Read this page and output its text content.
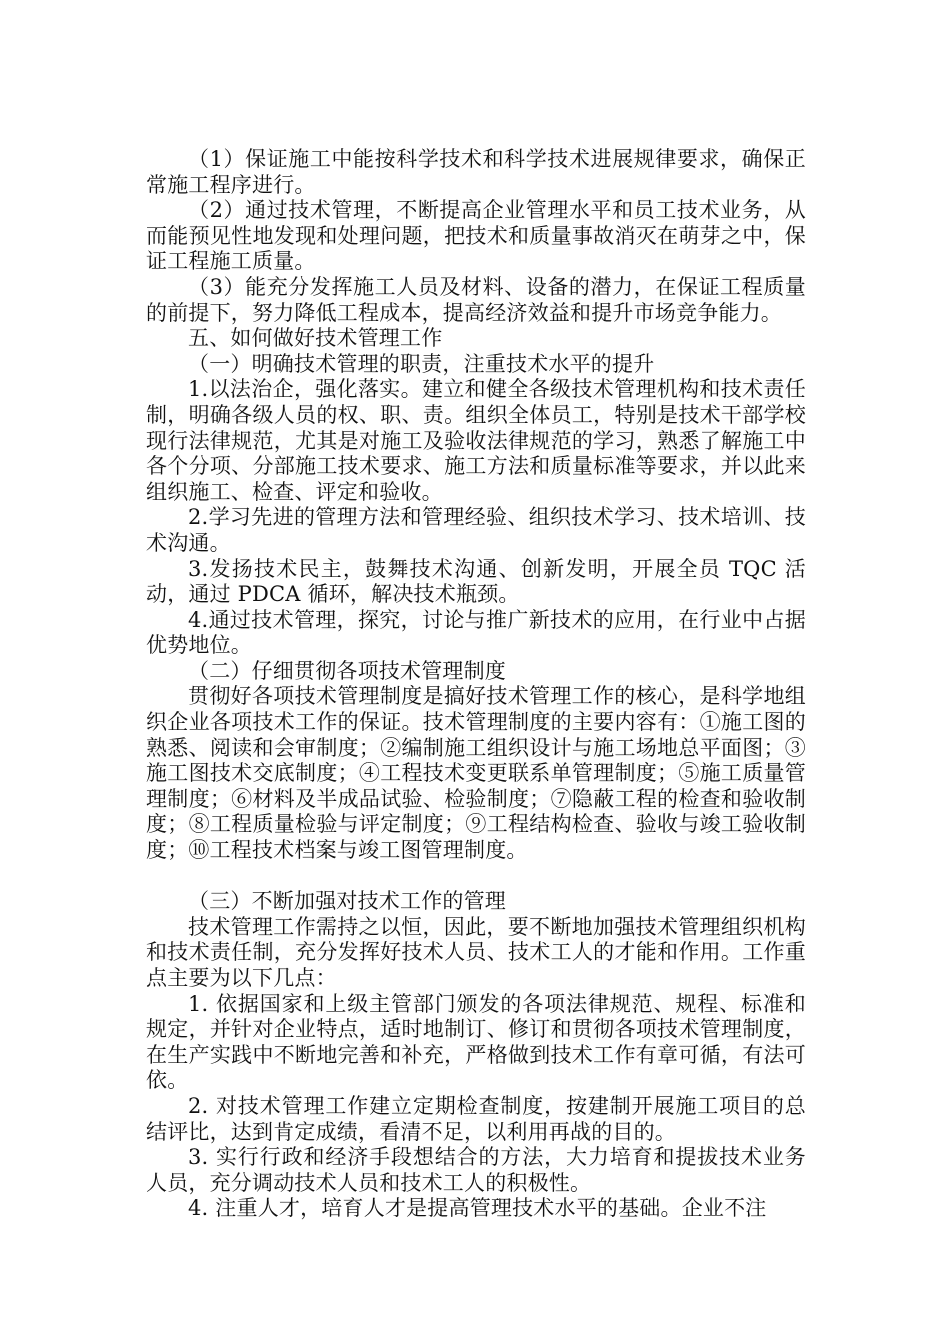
（1）保证施工中能按科学技术和科学技术进展规律要求，确保正常施工程序进行。

（2）通过技术管理，不断提高企业管理水平和员工技术业务，从而能预见性地发现和处理问题，把技术和质量事故消灭在萌芽之中，保证工程施工质量。

（3）能充分发挥施工人员及材料、设备的潜力，在保证工程质量的前提下，努力降低工程成本，提高经济效益和提升市场竞争能力。

五、如何做好技术管理工作

（一）明确技术管理的职责，注重技术水平的提升

1.以法治企，强化落实。建立和健全各级技术管理机构和技术责任制，明确各级人员的权、职、责。组织全体员工，特别是技术干部学校现行法律规范，尤其是对施工及验收法律规范的学习，熟悉了解施工中各个分项、分部施工技术要求、施工方法和质量标准等要求，并以此来组织施工、检查、评定和验收。

2.学习先进的管理方法和管理经验、组织技术学习、技术培训、技术沟通。

3.发扬技术民主，鼓舞技术沟通、创新发明，开展全员 TQC 活动，通过 PDCA 循环，解决技术瓶颈。

4.通过技术管理，探究，讨论与推广新技术的应用，在行业中占据优势地位。

（二）仔细贯彻各项技术管理制度

贯彻好各项技术管理制度是搞好技术管理工作的核心，是科学地组织企业各项技术工作的保证。技术管理制度的主要内容有：①施工图的熟悉、阅读和会审制度；②编制施工组织设计与施工场地总平面图；③施工图技术交底制度；④工程技术变更联系单管理制度；⑤施工质量管理制度；⑥材料及半成品试验、检验制度；⑦隐蔽工程的检查和验收制度；⑧工程质量检验与评定制度；⑨工程结构检查、验收与竣工验收制度；⑩工程技术档案与竣工图管理制度。

（三）不断加强对技术工作的管理

技术管理工作需持之以恒，因此，要不断地加强技术管理组织机构和技术责任制，充分发挥好技术人员、技术工人的才能和作用。工作重点主要为以下几点：

1. 依据国家和上级主管部门颁发的各项法律规范、规程、标准和规定，并针对企业特点，适时地制订、修订和贯彻各项技术管理制度，在生产实践中不断地完善和补充，严格做到技术工作有章可循，有法可依。

2. 对技术管理工作建立定期检查制度，按建制开展施工项目的总结评比，达到肯定成绩，看清不足，以利用再战的目的。

3. 实行行政和经济手段想结合的方法，大力培育和提拔技术业务人员，充分调动技术人员和技术工人的积极性。

4. 注重人才，培育人才是提高管理技术水平的基础。企业不注
